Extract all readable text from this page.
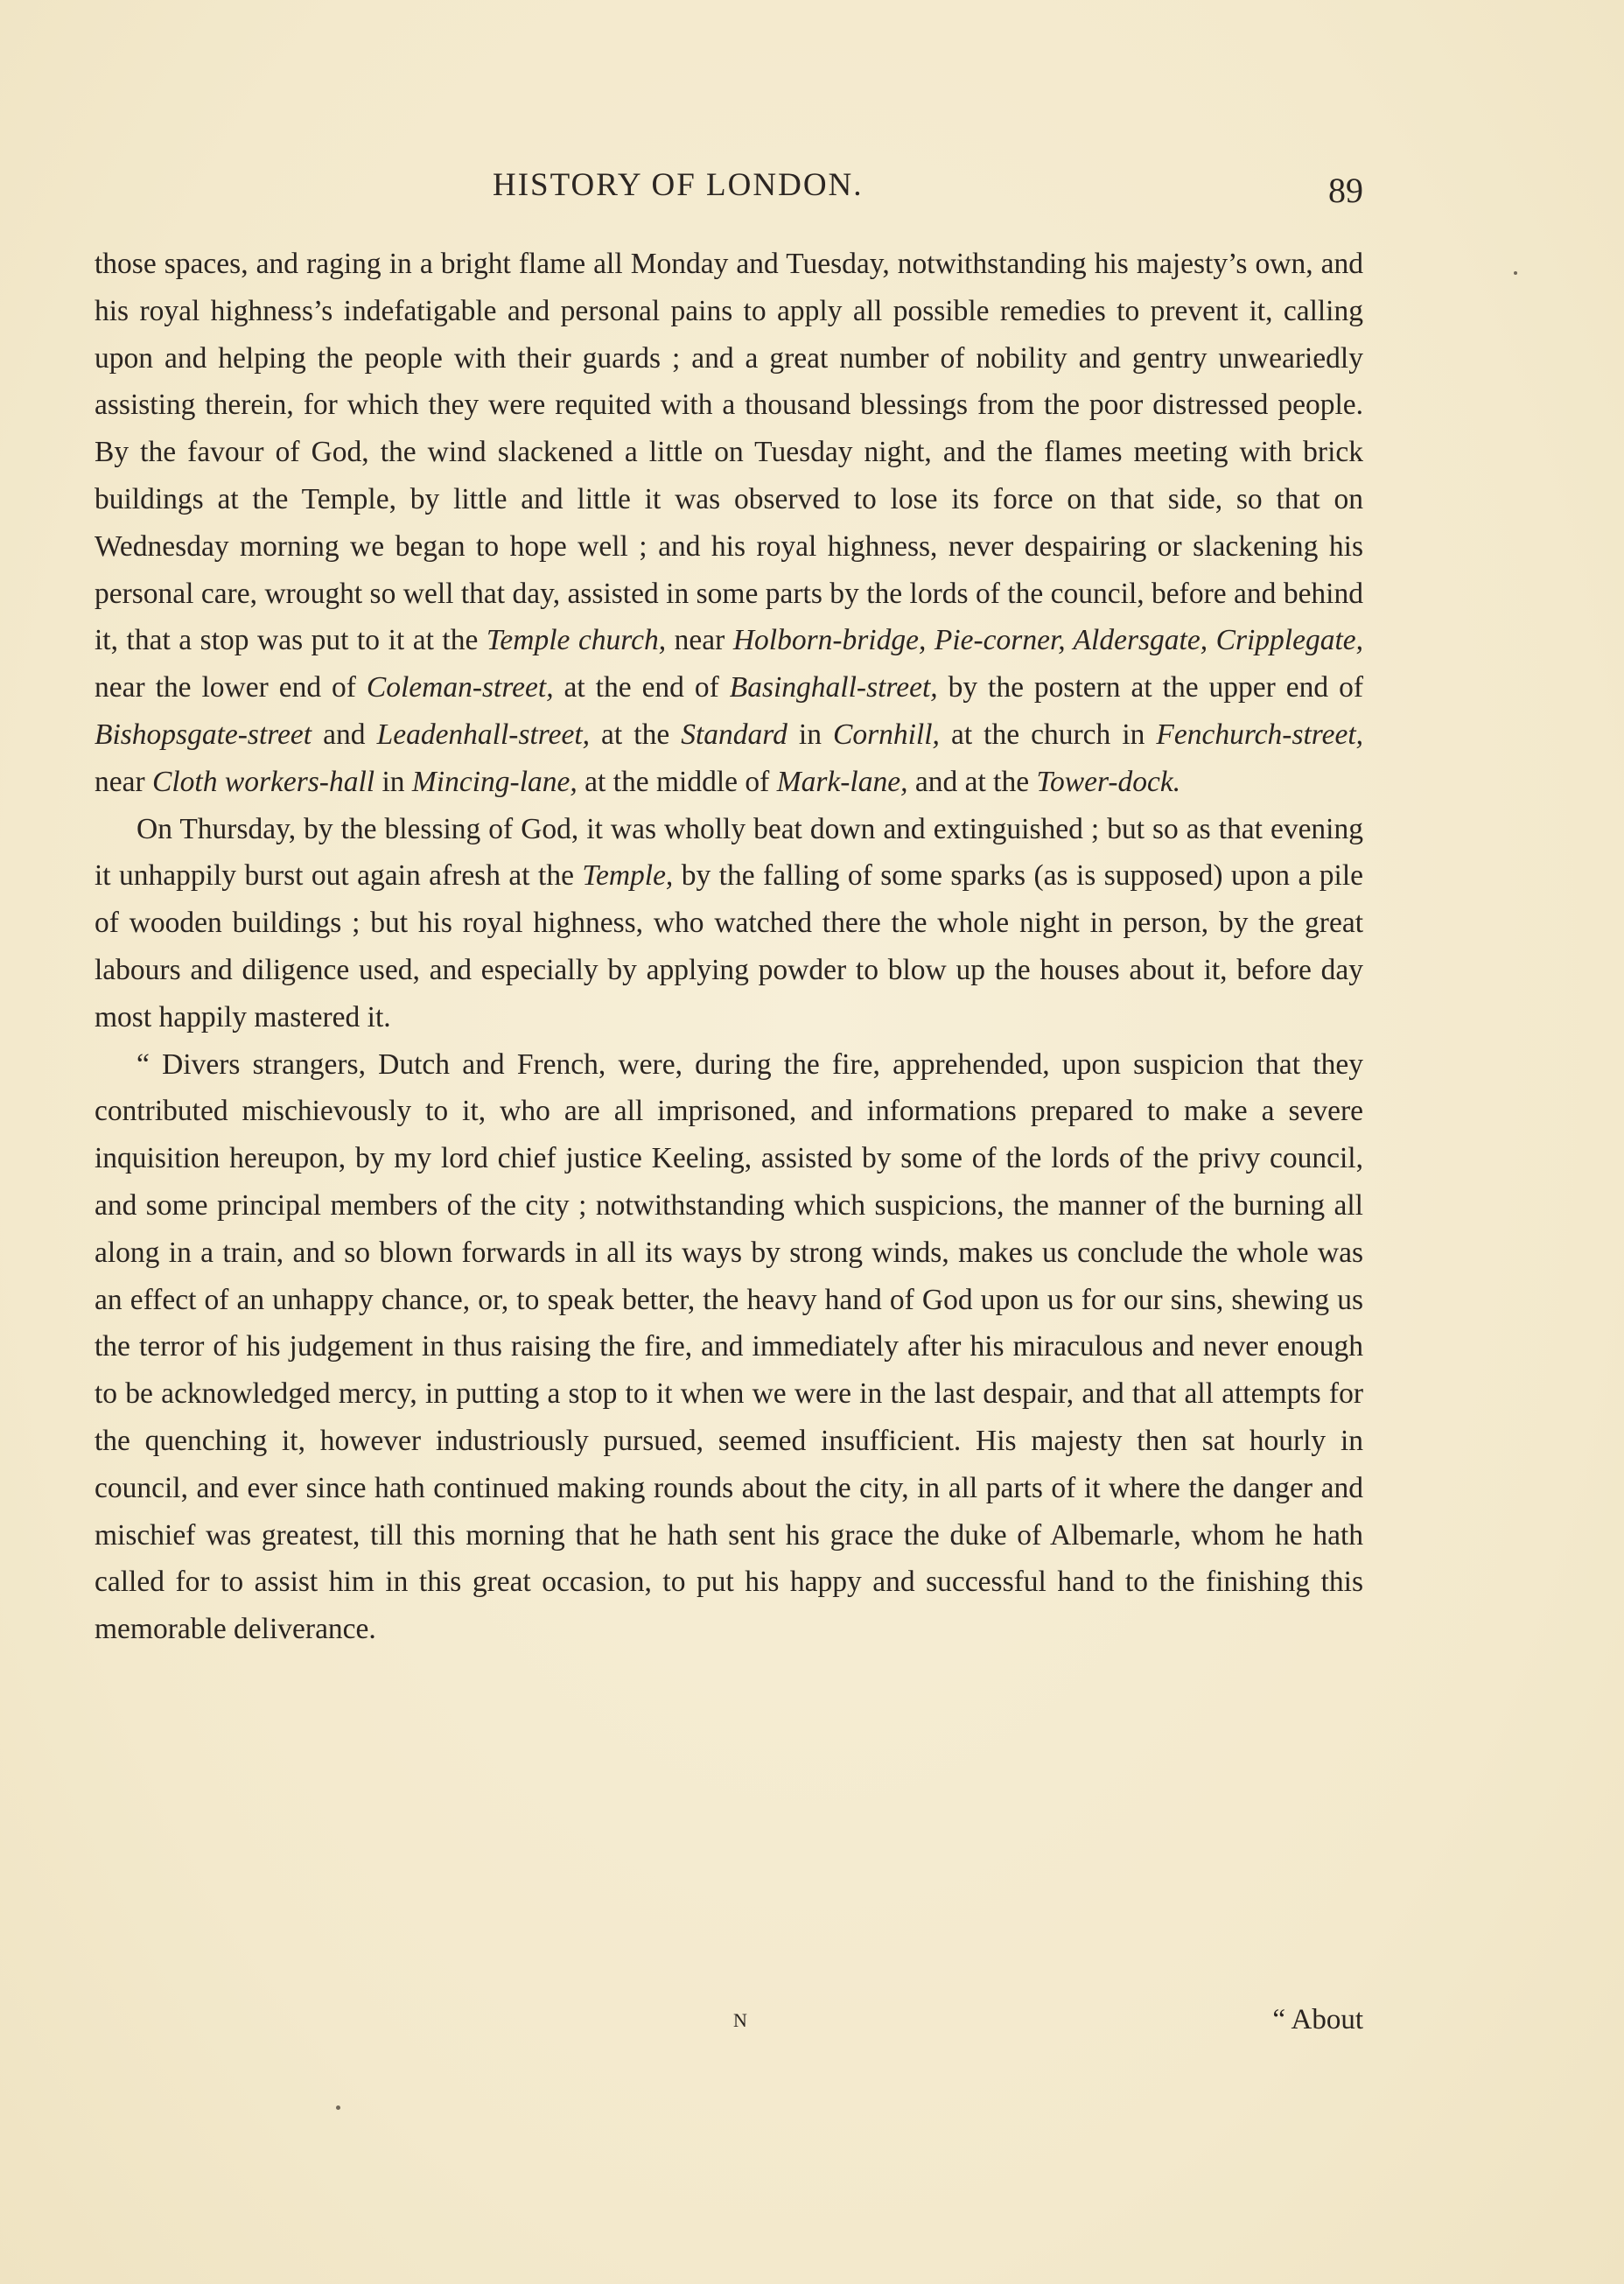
HISTORY OF LONDON.	89

those spaces, and raging in a bright flame all Monday and Tuesday, notwithstanding his majesty’s own, and his royal highness’s indefatigable and personal pains to apply all possible remedies to prevent it, calling upon and helping the people with their guards ; and a great number of nobility and gentry unweariedly assisting therein, for which they were requited with a thousand blessings from the poor distressed people. By the favour of God, the wind slackened a little on Tuesday night, and the flames meeting with brick buildings at the Temple, by little and little it was observed to lose its force on that side, so that on Wednesday morning we began to hope well ; and his royal highness, never despairing or slackening his personal care, wrought so well that day, assisted in some parts by the lords of the council, before and behind it, that a stop was put to it at the Temple church, near Holborn-bridge, Pie-corner, Aldersgate, Cripplegate, near the lower end of Coleman-street, at the end of Basinghall-street, by the postern at the upper end of Bishopsgate-street and Leadenhall-street, at the Standard in Cornhill, at the church in Fenchurch-street, near Cloth workers-hall in Mincing-lane, at the middle of Mark-lane, and at the Tower-dock.

On Thursday, by the blessing of God, it was wholly beat down and extinguished ; but so as that evening it unhappily burst out again afresh at the Temple, by the falling of some sparks (as is supposed) upon a pile of wooden buildings ; but his royal highness, who watched there the whole night in person, by the great labours and diligence used, and especially by applying powder to blow up the houses about it, before day most happily mastered it.

“ Divers strangers, Dutch and French, were, during the fire, apprehended, upon suspicion that they contributed mischievously to it, who are all imprisoned, and informations prepared to make a severe inquisition hereupon, by my lord chief justice Keeling, assisted by some of the lords of the privy council, and some principal members of the city ; notwithstanding which suspicions, the manner of the burning all along in a train, and so blown forwards in all its ways by strong winds, makes us conclude the whole was an effect of an unhappy chance, or, to speak better, the heavy hand of God upon us for our sins, shewing us the terror of his judgement in thus raising the fire, and immediately after his miraculous and never enough to be acknowledged mercy, in putting a stop to it when we were in the last despair, and that all attempts for the quenching it, however industriously pursued, seemed insufficient. His majesty then sat hourly in council, and ever since hath continued making rounds about the city, in all parts of it where the danger and mischief was greatest, till this morning that he hath sent his grace the duke of Albemarle, whom he hath called for to assist him in this great occasion, to put his happy and successful hand to the finishing this memorable deliverance.

N	“ About
